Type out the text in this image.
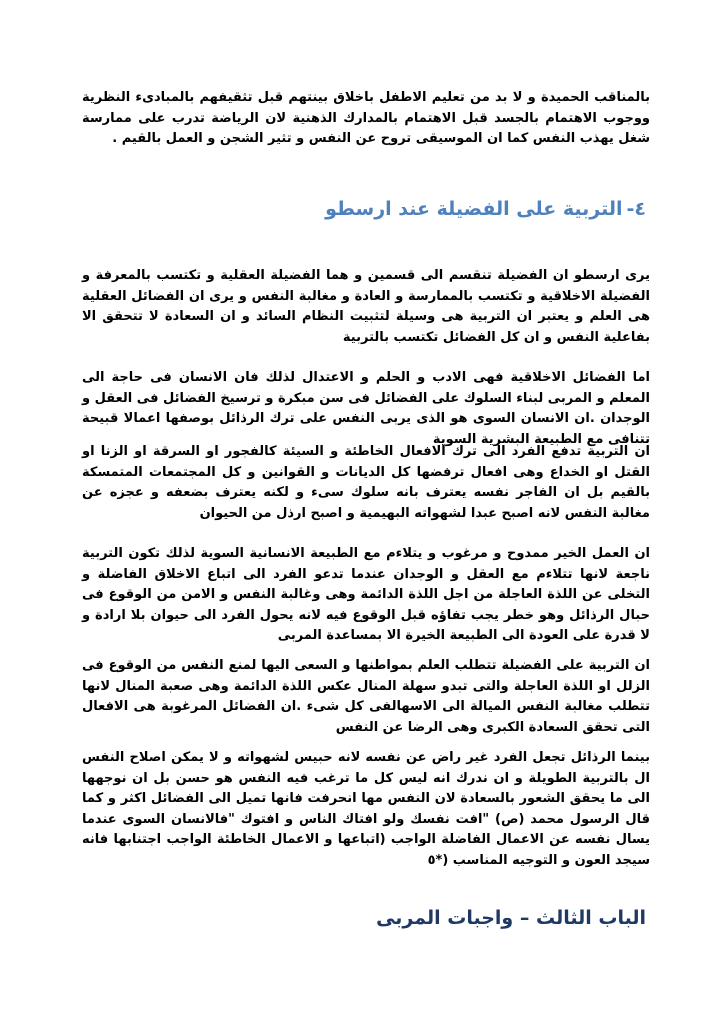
بالمناقب الحميدة و لا بد من تعليم الاطفل باخلاق بينتهم قبل تثقيفهم بالمبادىء النظرية ووجوب الاهتمام بالجسد قبل الاهتمام بالمدارك الذهنية لان الرياضة تدرب على ممارسة شغل يهذب النفس كما ان الموسيقى تروح عن النفس و تثير الشجن و العمل بالقيم .

٤-التربية على الفضيلة عند ارسطو

يرى ارسطو ان الفضيلة تنقسم الى قسمين و هما الفضيلة العقلية و تكتسب بالمعرفة و الفضيلة الاخلاقية و تكتسب بالممارسة و العادة و مغالبة النفس و يرى ان الفضائل العقلية هى العلم و يعتبر ان التربية هى وسيلة لتثبيت النظام السائد و ان السعادة لا تتحقق الا بفاعلية النفس و ان كل الفضائل تكتسب بالتربية

اما الفضائل الاخلاقية فهى الادب و الحلم و الاعتدال لذلك فان الانسان فى حاجة الى المعلم و المربى لبناء السلوك على الفضائل فى سن مبكرة و ترسيخ الفضائل فى العقل و الوجدان .ان الانسان السوى هو الذى يربى النفس على ترك الرذائل بوصفها اعمالا قبيحة تتنافى مع الطبيعة البشرية السوية

ان التربية تدفع الفرد الى ترك الافعال الخاطئة و السيئة كالفجور او السرقة او الزنا او القتل او الخداع وهى افعال ترفضها كل الديانات و القوانين و كل المجتمعات المتمسكة بالقيم بل ان الفاجر نفسه يعترف بانه سلوك سىء و لكنه يعترف بضعفه و عجزه عن مغالبة النفس لانه اصبح عبدا لشهواته البهيمية و اصبح ارذل من الحيوان

ان العمل الخير ممدوح و مرغوب و يتلاءم مع الطبيعة الانسانية السوية لذلك تكون التربية ناجعة لانها تتلاءم مع العقل و الوجدان عندما تدعو الفرد الى اتباع الاخلاق الفاضلة و التخلى عن اللذة العاجلة من اجل اللذة الدائمة وهى وغالبة النفس و الامن من الوقوع فى حبال الرذائل وهو خطر يجب تفاؤه قبل الوقوع فيه لانه يحول الفرد الى حيوان بلا ارادة و لا قدرة على العودة الى الطبيعة الخيرة الا بمساعدة المربى

ان التربية على الفضيلة تتطلب العلم بمواطنها و السعى اليها لمنع النفس من الوقوع فى الزلل او اللذة العاجلة والتى تبدو سهلة المنال عكس اللذة الدائمة وهى صعبة المنال لانها تتطلب مغالبة النفس الميالة الى الاسهالفى كل شىء .ان الفضائل المرغوبة هى الافعال التى تحقق السعادة الكبرى وهى الرضا عن النفس

بينما الرذائل تجعل الفرد غير راض عن نفسه لانه حبيس لشهواته و لا يمكن اصلاح النفس ال بالتربية الطويلة و ان ندرك انه ليس كل ما ترغب فيه النفس هو حسن بل ان نوجهها الى ما يحقق الشعور بالسعادة لان النفس مها انحرفت فانها تميل الى الفضائل اكثر و كما قال الرسول محمد (ص) "افت نفسك ولو افتاك الناس و افتوك "فالانسان السوى عندما يسال نفسه عن الاعمال الفاضلة الواجب (اتباعها و الاعمال الخاطئة الواجب اجتنابها فانه سيجد العون و التوجيه المناسب (*٥

الباب الثالث – واجبات المربى
